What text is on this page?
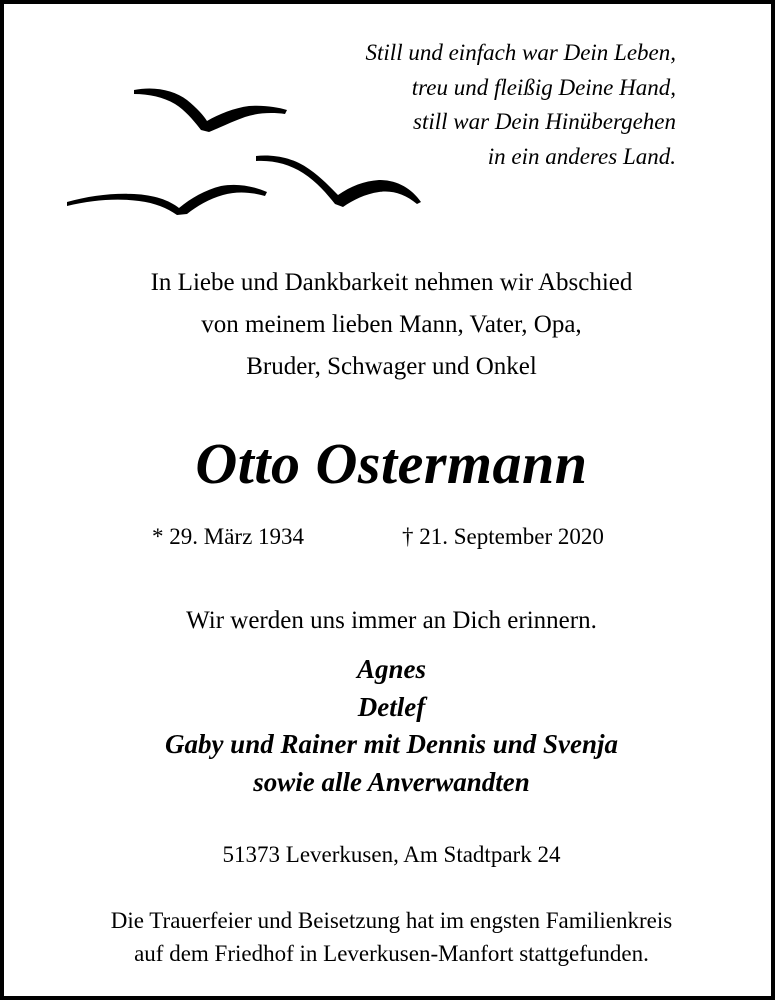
Still und einfach war Dein Leben,
treu und fleißig Deine Hand,
still war Dein Hinübergehen
in ein anderes Land.
In Liebe und Dankbarkeit nehmen wir Abschied
von meinem lieben Mann, Vater, Opa,
Bruder, Schwager und Onkel
Otto Ostermann
* 29. März 1934	† 21. September 2020
Wir werden uns immer an Dich erinnern.
Agnes
Detlef
Gaby und Rainer mit Dennis und Svenja
sowie alle Anverwandten
51373 Leverkusen, Am Stadtpark 24
Die Trauerfeier und Beisetzung hat im engsten Familienkreis
auf dem Friedhof in Leverkusen-Manfort stattgefunden.
